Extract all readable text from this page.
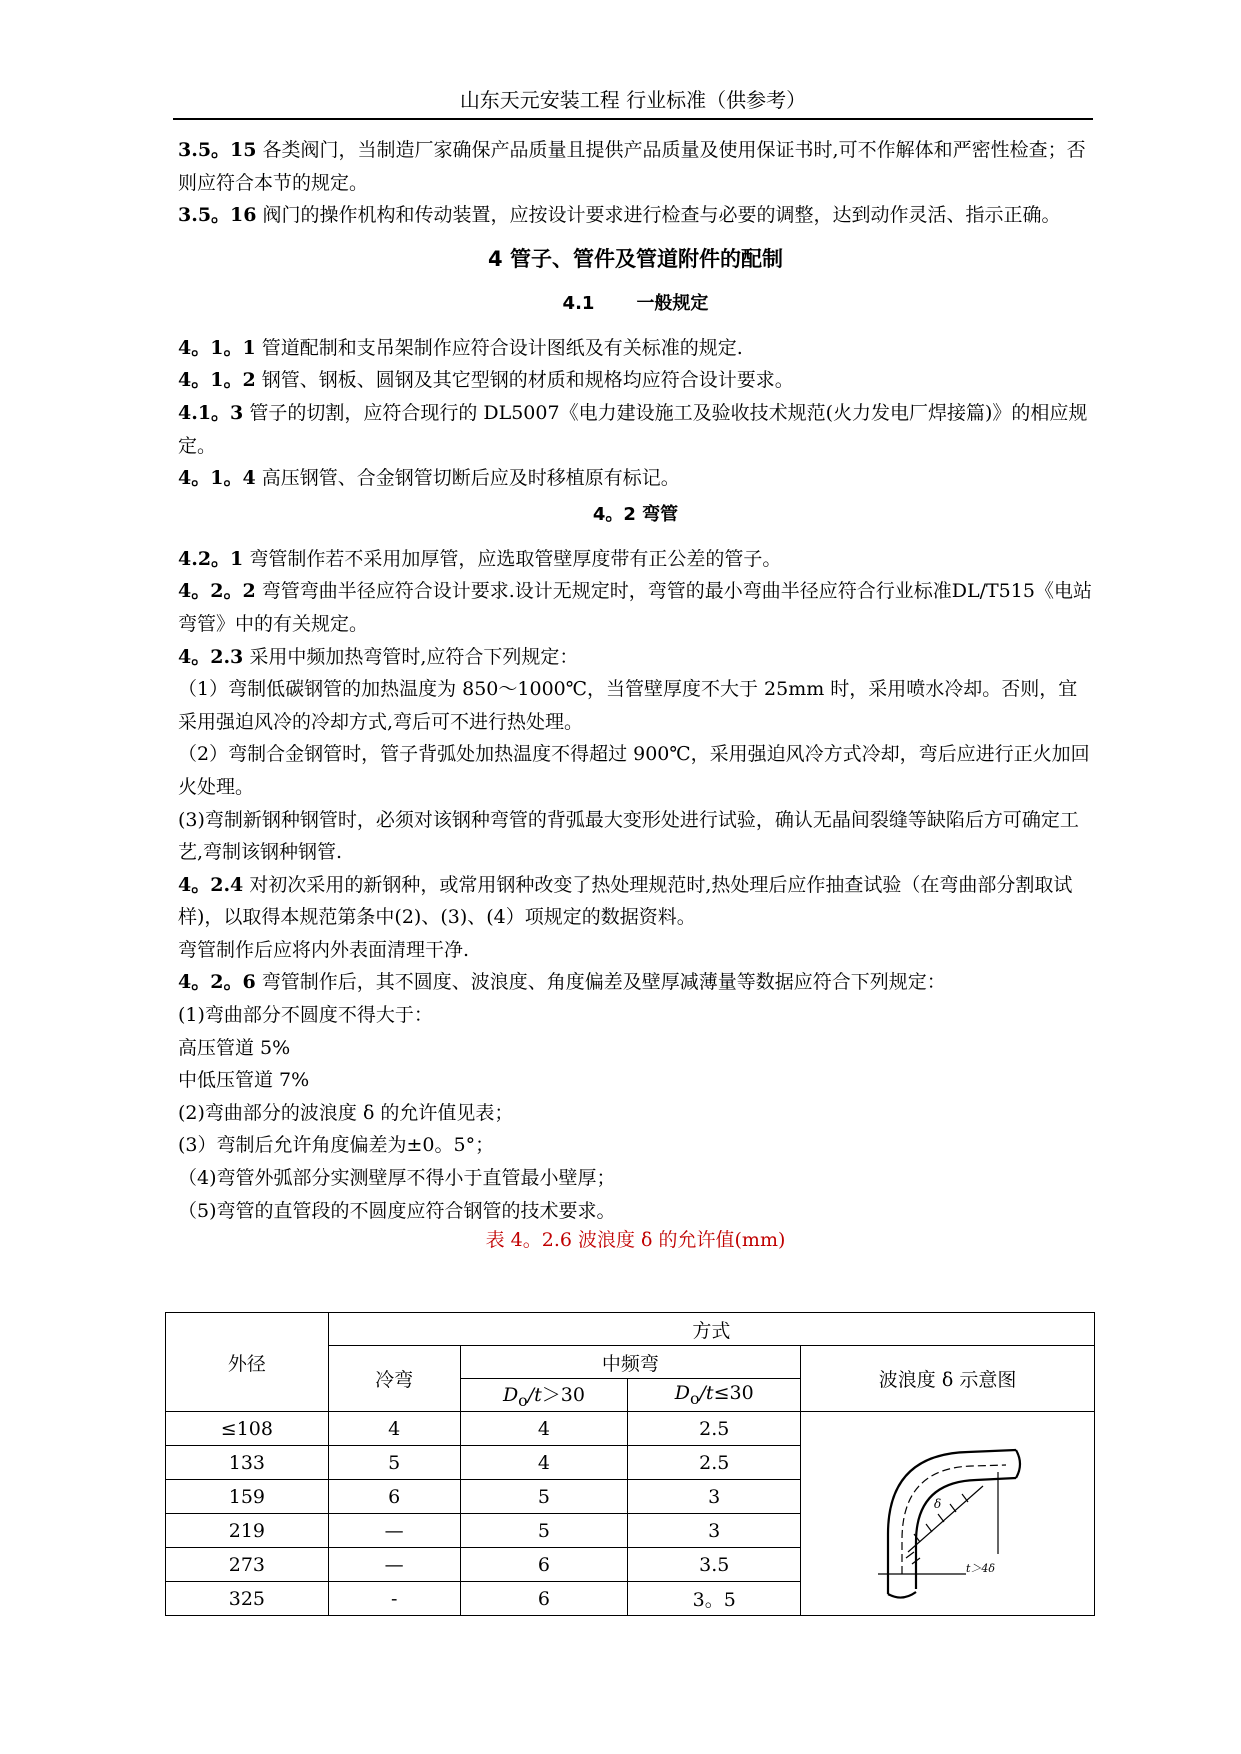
山东天元安装工程 行业标准（供参考）

3.5。15 各类阀门，当制造厂家确保产品质量且提供产品质量及使用保证书时,可不作解体和严密性检查；否则应符合本节的规定。

3.5。16 阀门的操作机构和传动装置，应按设计要求进行检查与必要的调整，达到动作灵活、指示正确。

4 管子、管件及管道附件的配制

4.1 一般规定

4。1。1 管道配制和支吊架制作应符合设计图纸及有关标准的规定.

4。1。2 钢管、钢板、圆钢及其它型钢的材质和规格均应符合设计要求。

4.1。3 管子的切割，应符合现行的 DL5007《电力建设施工及验收技术规范(火力发电厂焊接篇)》的相应规定。

4。1。4 高压钢管、合金钢管切断后应及时移植原有标记。

4。2 弯管

4.2。1 弯管制作若不采用加厚管，应选取管壁厚度带有正公差的管子。

4。2。2 弯管弯曲半径应符合设计要求.设计无规定时，弯管的最小弯曲半径应符合行业标准DL/T515《电站弯管》中的有关规定。

4。2.3 采用中频加热弯管时,应符合下列规定：

（1）弯制低碳钢管的加热温度为 850～1000℃，当管壁厚度不大于 25mm 时，采用喷水冷却。否则，宜采用强迫风冷的冷却方式,弯后可不进行热处理。

（2）弯制合金钢管时，管子背弧处加热温度不得超过 900℃，采用强迫风冷方式冷却，弯后应进行正火加回火处理。

(3)弯制新钢种钢管时，必须对该钢种弯管的背弧最大变形处进行试验，确认无晶间裂缝等缺陷后方可确定工艺,弯制该钢种钢管.

4。2.4 对初次采用的新钢种，或常用钢种改变了热处理规范时,热处理后应作抽查试验（在弯曲部分割取试样)，以取得本规范第条中(2)、(3)、(4）项规定的数据资料。

弯管制作后应将内外表面清理干净.

4。2。6 弯管制作后，其不圆度、波浪度、角度偏差及壁厚减薄量等数据应符合下列规定：

(1)弯曲部分不圆度不得大于：

高压管道 5%

中低压管道 7%

(2)弯曲部分的波浪度 δ 的允许值见表；

(3）弯制后允许角度偏差为±0。5°；

（4)弯管外弧部分实测壁厚不得小于直管最小壁厚；

（5)弯管的直管段的不圆度应符合钢管的技术要求。

表 4。2.6 波浪度 δ 的允许值(mm)

外径	方式			
	冷弯	中频弯		波浪度 δ 示意图
		$D_o/t>30$	$D_o/t\le 30$	
≤108	4	4	2.5	δ
t＞4δ

133	5	4	2.5	
159	6	5	3	
219	—	5	3	
273	—	6	3.5	
325	-	6	3。5	
